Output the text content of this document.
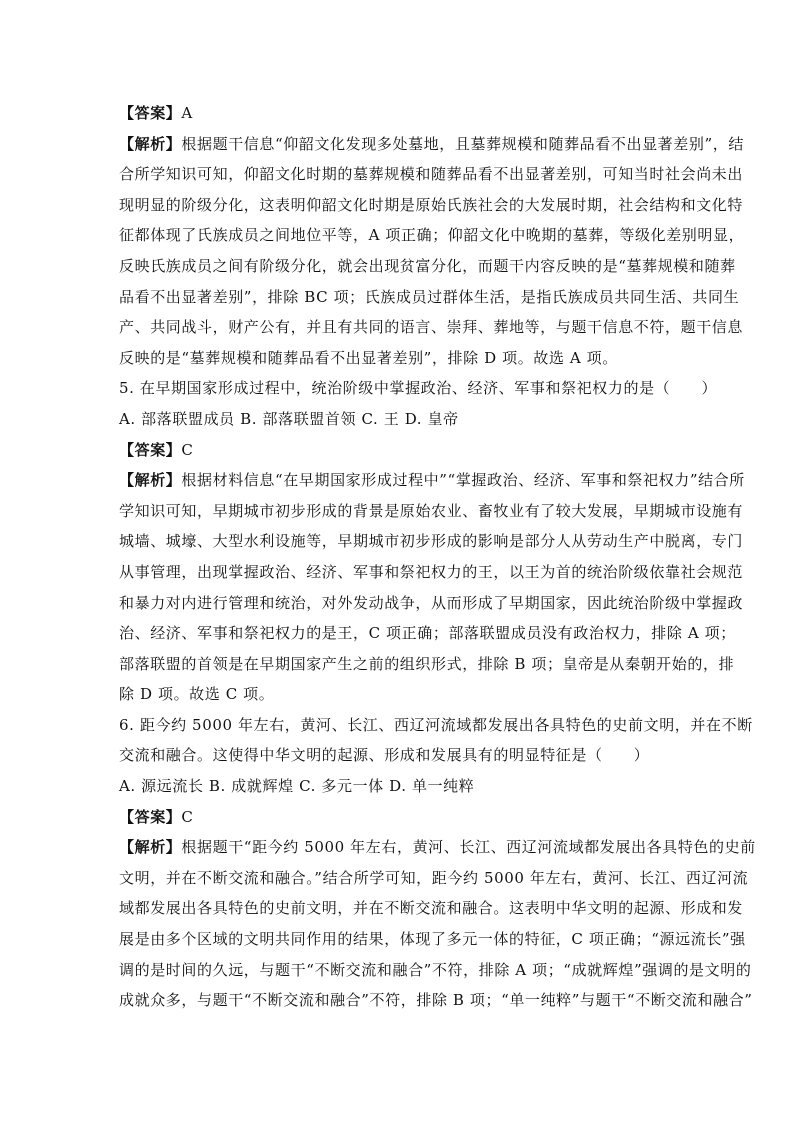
【答案】A
【解析】根据题干信息“仰韶文化发现多处墓地，且墓葬规模和随葬品看不出显著差别”，结
合所学知识可知，仰韶文化时期的墓葬规模和随葬品看不出显著差别，可知当时社会尚未出
现明显的阶级分化，这表明仰韶文化时期是原始氏族社会的大发展时期，社会结构和文化特
征都体现了氏族成员之间地位平等，A 项正确；仰韶文化中晚期的墓葬，等级化差别明显，
反映氏族成员之间有阶级分化，就会出现贫富分化，而题干内容反映的是“墓葬规模和随葬
品看不出显著差别”，排除 BC 项；氏族成员过群体生活，是指氏族成员共同生活、共同生
产、共同战斗，财产公有，并且有共同的语言、崇拜、葬地等，与题干信息不符，题干信息
反映的是“墓葬规模和随葬品看不出显著差别”，排除 D 项。故选 A 项。
5. 在早期国家形成过程中，统治阶级中掌握政治、经济、军事和祭祀权力的是（　　）
A. 部落联盟成员 B. 部落联盟首领 C. 王 D. 皇帝
【答案】C
【解析】根据材料信息“在早期国家形成过程中”“掌握政治、经济、军事和祭祀权力”结合所
学知识可知，早期城市初步形成的背景是原始农业、畜牧业有了较大发展，早期城市设施有
城墙、城壕、大型水利设施等，早期城市初步形成的影响是部分人从劳动生产中脱离，专门
从事管理，出现掌握政治、经济、军事和祭祀权力的王，以王为首的统治阶级依靠社会规范
和暴力对内进行管理和统治，对外发动战争，从而形成了早期国家，因此统治阶级中掌握政
治、经济、军事和祭祀权力的是王，C 项正确；部落联盟成员没有政治权力，排除 A 项；
部落联盟的首领是在早期国家产生之前的组织形式，排除 B 项；皇帝是从秦朝开始的，排
除 D 项。故选 C 项。
6. 距今约 5000 年左右，黄河、长江、西辽河流域都发展出各具特色的史前文明，并在不断
交流和融合。这使得中华文明的起源、形成和发展具有的明显特征是（　　）
A. 源远流长 B. 成就辉煌 C. 多元一体 D. 单一纯粹
【答案】C
【解析】根据题干“距今约 5000 年左右，黄河、长江、西辽河流域都发展出各具特色的史前
文明，并在不断交流和融合。”结合所学可知，距今约 5000 年左右，黄河、长江、西辽河流
域都发展出各具特色的史前文明，并在不断交流和融合。这表明中华文明的起源、形成和发
展是由多个区域的文明共同作用的结果，体现了多元一体的特征，C 项正确；“源远流长”强
调的是时间的久远，与题干“不断交流和融合”不符，排除 A 项；“成就辉煌”强调的是文明的
成就众多，与题干“不断交流和融合”不符，排除 B 项；“单一纯粹”与题干“不断交流和融合”
